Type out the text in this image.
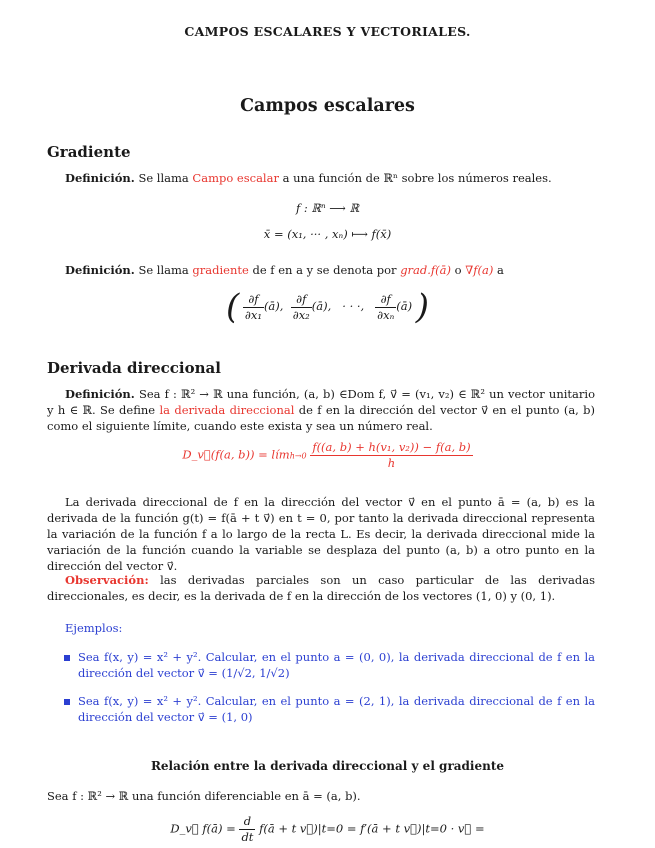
CAMPOS ESCALARES Y VECTORIALES.
Campos escalares
Gradiente
Definición. Se llama Campo escalar a una función de ℝⁿ sobre los números reales.
f : ℝⁿ ⟶ ℝ
x̄ = (x₁, ··· , xₙ) ⟼ f(x̄)
Definición. Se llama gradiente de f en a y se denota por grad.f(ā) o ∇f(a) a
( $\frac{\partial f}{\text{∂x₁}}$ (ā), $\frac{\partial f}{\text{∂x₂}}$ (ā),   · · ·, $\frac{\partial f}{\text{∂xₙ}}$ (ā) )
Derivada direccional
Definición. Sea f : ℝ² → ℝ una función, (a, b) ∈Dom f, v⃗ = (v₁, v₂) ∈ ℝ² un vector unitario y h ∈ ℝ. Se define la derivada direccional de f en la dirección del vector v⃗ en el punto (a, b) como el siguiente límite, cuando este exista y sea un número real.
D_v⃗(f(a, b)) = límh→0 $\frac{\text{f((a, b) + h(v₁, v₂)) − f(a, b)}}{h}$
La derivada direccional de f en la dirección del vector v⃗ en el punto ā = (a, b) es la derivada de la función g(t) = f(ā + t v⃗) en t = 0, por tanto la derivada direccional representa la variación de la función f a lo largo de la recta L. Es decir, la derivada direccional mide la variación de la función cuando la variable se desplaza del punto (a, b) a otro punto en la dirección del vector v⃗.
Observación: las derivadas parciales son un caso particular de las derivadas direccionales, es decir, es la derivada de f en la dirección de los vectores (1, 0) y (0, 1).
Ejemplos:
Sea f(x, y) = x² + y². Calcular, en el punto a = (0, 0), la derivada direccional de f en la dirección del vector v⃗ = (1/√2, 1/√2)
Sea f(x, y) = x² + y². Calcular, en el punto a = (2, 1), la derivada direccional de f en la dirección del vector v⃗ = (1, 0)
Relación entre la derivada direccional y el gradiente
Sea f : ℝ² → ℝ una función diferenciable en ā = (a, b).
D_v⃗ f(ā) = $\frac{d}{dt}$ f(ā + t v⃗)|t=0 = f′(ā + t v⃗)|t=0 · v⃗ =
